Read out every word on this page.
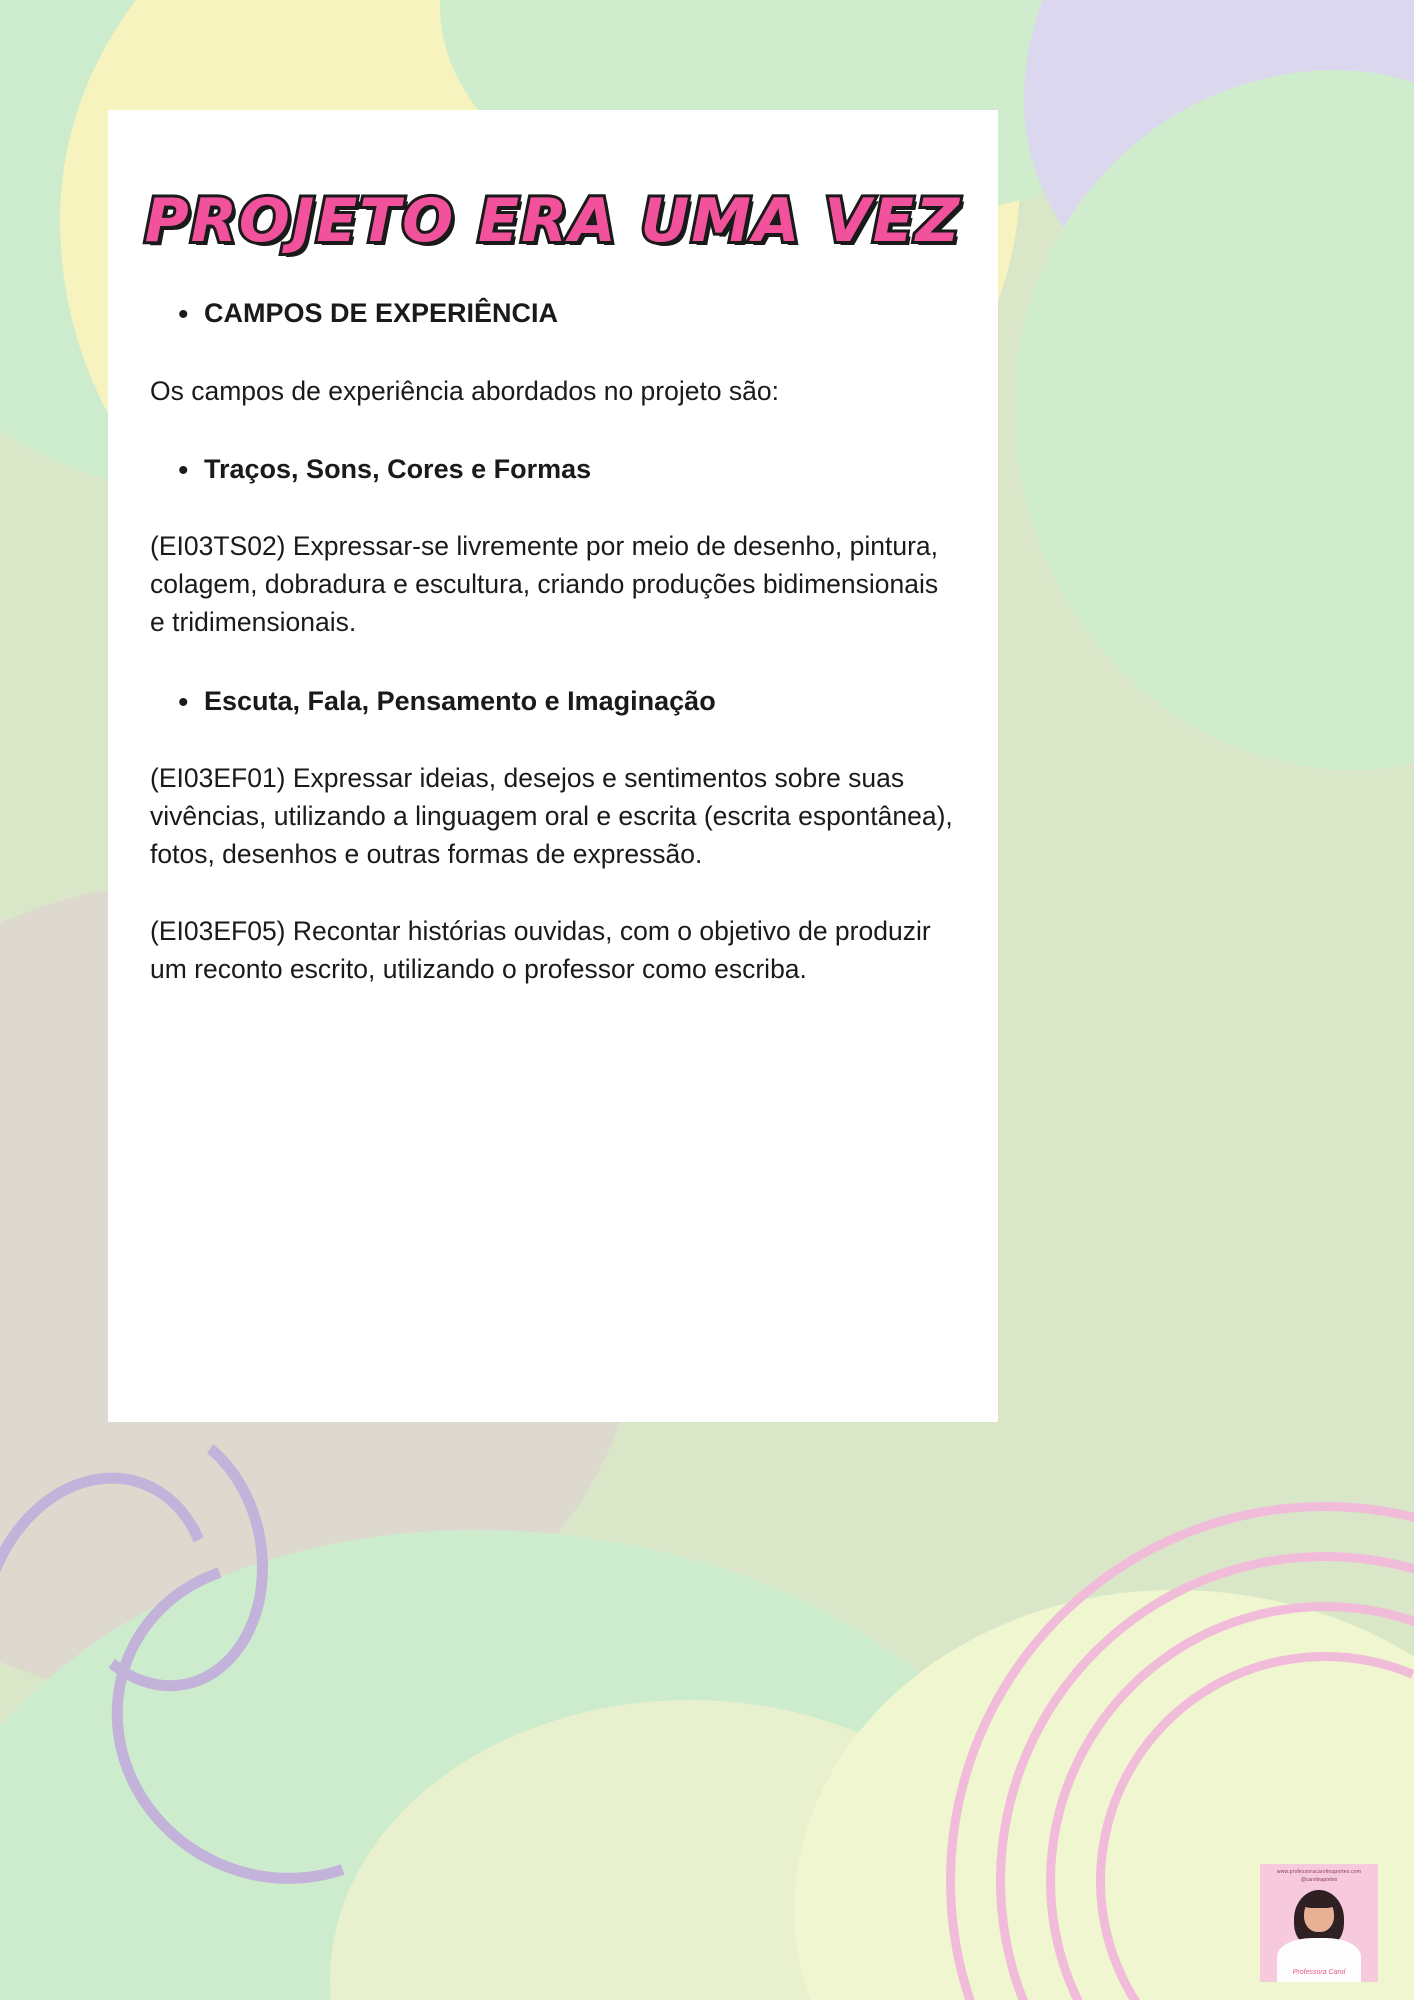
PROJETO ERA UMA VEZ
• CAMPOS DE EXPERIÊNCIA

Os campos de experiência abordados no projeto são:

• Traços, Sons, Cores e Formas

(EI03TS02) Expressar-se livremente por meio de desenho, pintura, colagem, dobradura e escultura, criando produções bidimensionais e tridimensionais.

• Escuta, Fala, Pensamento e Imaginação

(EI03EF01) Expressar ideias, desejos e sentimentos sobre suas vivências, utilizando a linguagem oral e escrita (escrita espontânea), fotos, desenhos e outras formas de expressão.

(EI03EF05) Recontar histórias ouvidas, com o objetivo de produzir um reconto escrito, utilizando o professor como escriba.

www.professoracarolinaportes.com
@carolinaportes
Professora Carol
